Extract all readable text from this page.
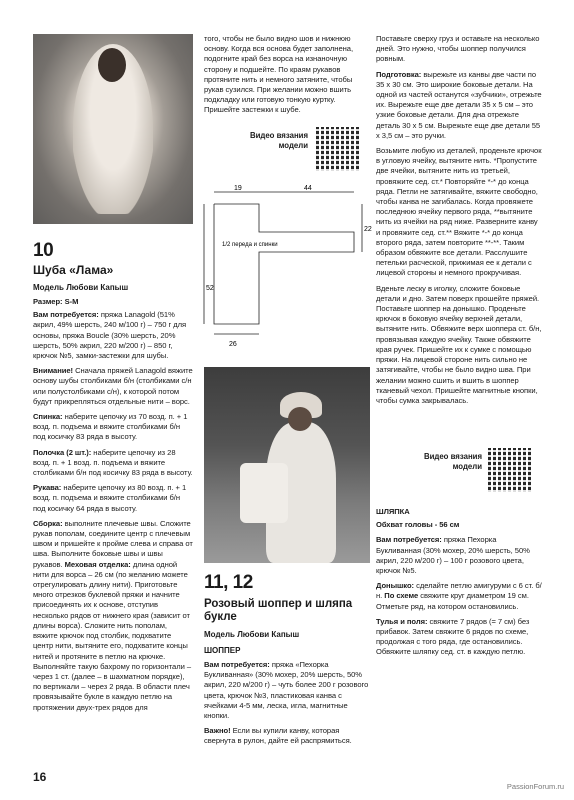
10
Шуба «Лама»
Модель Любови Капыш

Размер: S-M

Вам потребуется: пряжа Lanagold (51% акрил, 49% шерсть, 240 м/100 г) – 750 г для основы, пряжа Boucle (30% шерсть, 20% шерсть, 50% акрил, 220 м/200 г) – 850 г, крючок №5, замки-застежки для шубы.

Внимание! Сначала пряжей Lanagold вяжите основу шубы столбиками б/н (столбиками с/н или полустолбиками с/н), к которой потом будут прикрепляться отдельные нити – ворс.

Спинка: наберите цепочку из 70 возд. п. + 1 возд. п. подъема и вяжите столбиками б/н под косичку 83 ряда в высоту.

Полочка (2 шт.): наберите цепочку из 28 возд. п. + 1 возд. п. подъема и вяжите столбиками б/н под косичку 83 ряда в высоту.

Рукава: наберите цепочку из 80 возд. п. + 1 возд. п. подъема и вяжите столбиками б/н под косичку 64 ряда в высоту.

Сборка: выполните плечевые швы. Сложите рукав пополам, соедините центр с плечевым швом и пришейте к пройме слева и справа от шва. Выполните боковые швы и швы рукавов. Меховая отделка: длина одной нити для ворса – 26 см (по желанию можете отрегулировать длину нити). Приготовьте много отрезков буклевой пряжи и начните присоединять их к основе, отступив несколько рядов от нижнего края (зависит от длины ворса). Сложите нить пополам, вяжите крючок под столбик, подхватите центр нити, вытяните его, подхватите концы нитей и протяните в петлю на крючке. Выполняйте такую бахрому по горизонтали – через 1 ст. (далее – в шахматном порядке), по вертикали – через 2 ряда. В области плеч провязывайте букле в каждую петлю на протяжении двух-трех рядов для

того, чтобы не было видно шов и нижнюю основу. Когда вся основа будет заполнена, подогните край без ворса на изнаночную сторону и подшейте. По краям рукавов протяните нить и немного затяните, чтобы рукав сузился. При желании можно вшить подкладку или готовую тонкую куртку. Пришейте застежки к шубе.

Видео вязания модели
19	44
22
1/2 переда и спинки
52
26
11, 12
Розовый шоппер и шляпа букле
Модель Любови Капыш
ШОППЕР

Вам потребуется: пряжа «Пехорка Букливанная» (30% мохер, 20% шерсть, 50% акрил, 220 м/200 г) – чуть более 200 г розового цвета, крючок №3, пластиковая канва с ячейками 4-5 мм, леска, игла, магнитные кнопки.

Важно! Если вы купили канву, которая свернута в рулон, дайте ей распрямиться.

Поставьте сверху груз и оставьте на несколько дней. Это нужно, чтобы шоппер получился ровным.

Подготовка: вырежьте из канвы две части по 35 х 30 см. Это широкие боковые детали. На одной из частей останутся «зубчики», отрежьте их. Вырежьте еще две детали 35 х 5 см – это узкие боковые детали. Для дна отрежьте деталь 30 х 5 см. Вырежьте еще две детали 55 х 3,5 см – это ручки.

Возьмите любую из деталей, проденьте крючок в угловую ячейку, вытяните нить. *Пропустите две ячейки, вытяните нить из третьей, провяжите сед. ст.* Повторяйте *-* до конца ряда. Петли не затягивайте, вяжите свободно, чтобы канва не загибалась. Когда провяжете последнюю ячейку первого ряда, **вытяните нить из ячейки на ряд ниже. Разверните канву и провяжите сед. ст.** Вяжите *-* до конца второго ряда, затем повторите **-**. Таким образом обвяжите все детали. Расслушите петельки расческой, прижимая ее к детали с лицевой стороны и немного прокручивая.

Вденьте леску в иголку, сложите боковые детали и дно. Затем поверх прошейте пряжей. Поставьте шоппер на донышко. Проденьте крючок в боковую ячейку верхней детали, вытяните нить. Обвяжите верх шоппера ст. б/н, провязывая каждую ячейку. Также обвяжите края ручек. Пришейте их к сумке с помощью пряжи. На лицевой стороне нить сильно не затягивайте, чтобы не было видно шва. При желании можно сшить и вшить в шоппер тканевый чехол. Пришейте магнитные кнопки, чтобы сумка закрывалась.

Видео вязания модели

ШЛЯПКА

Обхват головы - 56 см

Вам потребуется: пряжа Пехорка Букливанная (30% мохер, 20% шерсть, 50% акрил, 220 м/200 г) – 100 г розового цвета, крючок №5.

Донышко: сделайте петлю амигуруми с 6 ст. б/н. По схеме свяжите круг диаметром 19 см. Отметьте ряд, на котором остановились.

Тулья и поля: свяжите 7 рядов (= 7 см) без прибавок. Затем свяжите 6 рядов по схеме, продолжая с того ряда, где остановились. Обвяжите шляпку сед. ст. в каждую петлю.

16
PassionForum.ru
